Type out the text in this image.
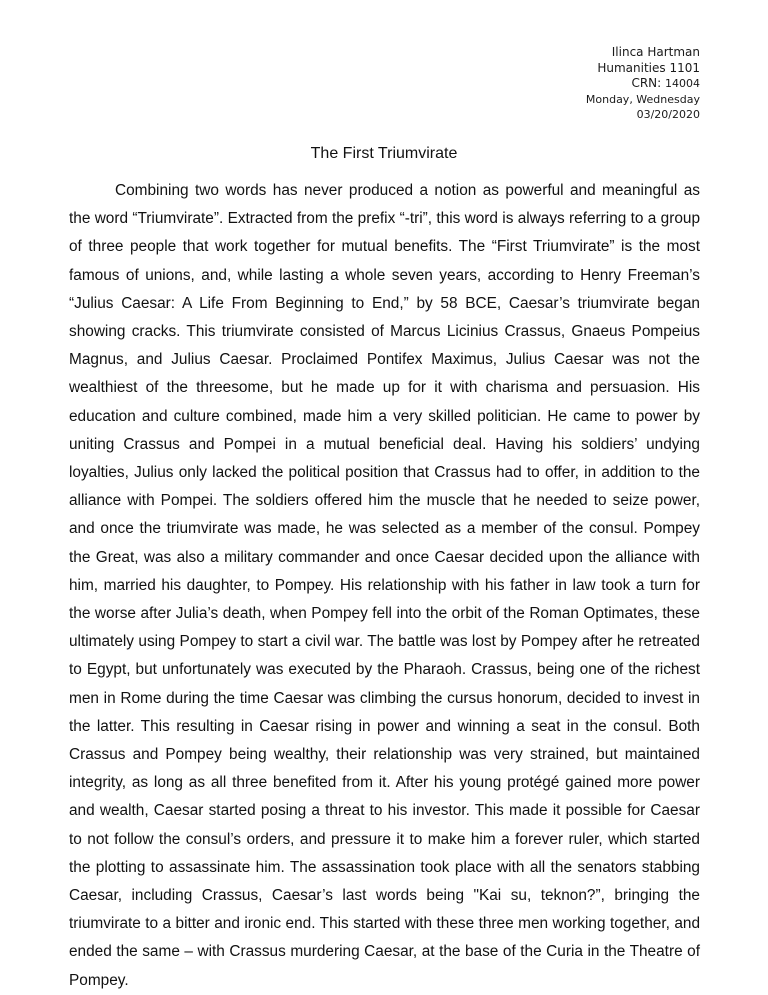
Ilinca Hartman
Humanities 1101
CRN: 14004
Monday, Wednesday
03/20/2020
The First Triumvirate

Combining two words has never produced a notion as powerful and meaningful as the word “Triumvirate”. Extracted from the prefix “-tri”, this word is always referring to a group of three people that work together for mutual benefits. The “First Triumvirate” is the most famous of unions, and, while lasting a whole seven years, according to Henry Freeman’s “Julius Caesar: A Life From Beginning to End,” by 58 BCE, Caesar’s triumvirate began showing cracks. This triumvirate consisted of Marcus Licinius Crassus, Gnaeus Pompeius Magnus, and Julius Caesar. Proclaimed Pontifex Maximus, Julius Caesar was not the wealthiest of the threesome, but he made up for it with charisma and persuasion. His education and culture combined, made him a very skilled politician. He came to power by uniting Crassus and Pompei in a mutual beneficial deal. Having his soldiers’ undying loyalties, Julius only lacked the political position that Crassus had to offer, in addition to the alliance with Pompei. The soldiers offered him the muscle that he needed to seize power, and once the triumvirate was made, he was selected as a member of the consul. Pompey the Great, was also a military commander and once Caesar decided upon the alliance with him, married his daughter, to Pompey. His relationship with his father in law took a turn for the worse after Julia’s death, when Pompey fell into the orbit of the Roman Optimates, these ultimately using Pompey to start a civil war. The battle was lost by Pompey after he retreated to Egypt, but unfortunately was executed by the Pharaoh. Crassus, being one of the richest men in Rome during the time Caesar was climbing the cursus honorum, decided to invest in the latter. This resulting in Caesar rising in power and winning a seat in the consul. Both Crassus and Pompey being wealthy, their relationship was very strained, but maintained integrity, as long as all three benefited from it. After his young protégé gained more power and wealth, Caesar started posing a threat to his investor. This made it possible for Caesar to not follow the consul’s orders, and pressure it to make him a forever ruler, which started the plotting to assassinate him. The assassination took place with all the senators stabbing Caesar, including Crassus, Caesar’s last words being "Kai su, teknon?”, bringing the triumvirate to a bitter and ironic end. This started with these three men working together, and ended the same – with Crassus murdering Caesar, at the base of the Curia in the Theatre of Pompey.
